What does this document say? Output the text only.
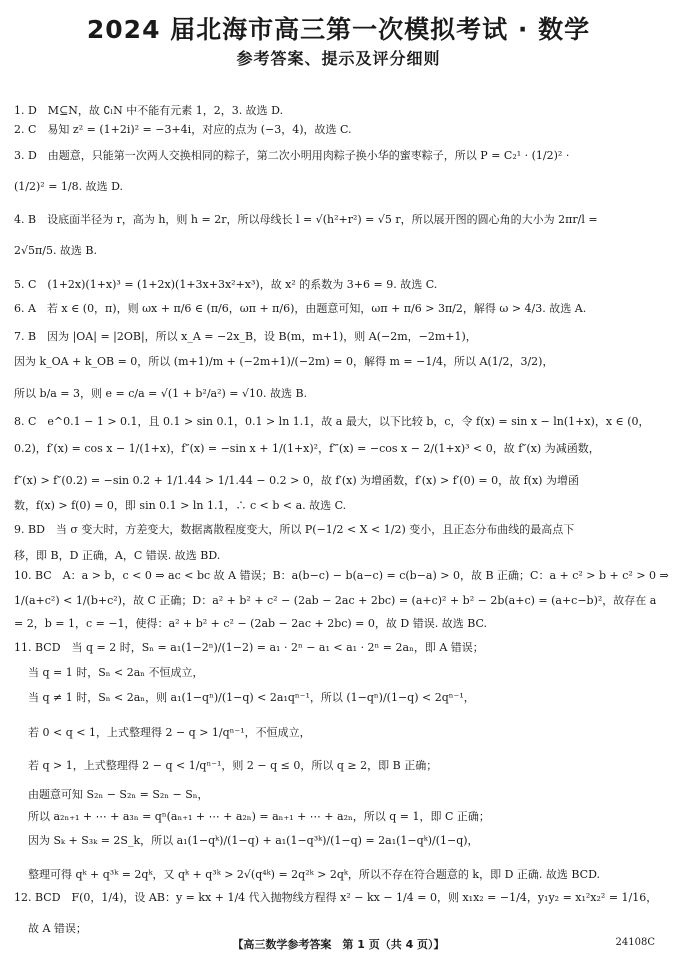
2024 届北海市高三第一次模拟考试 · 数学
参考答案、提示及评分细则
1. D　M⊆N，故 ∁ₗN 中不能有元素 1，2，3. 故选 D.
2. C　易知 z² = (1+2i)² = −3+4i，对应的点为 (−3，4)，故选 C.
3. D　由题意，只能第一次两人交换相同的粽子，第二次小明用肉粽子换小华的蜜枣粽子，所以 P = C₂¹ · (1/2)² ·
(1/2)² = 1/8. 故选 D.
4. B　设底面半径为 r，高为 h，则 h = 2r，所以母线长 l = √(h²+r²) = √5 r，所以展开图的圆心角的大小为 2πr/l =
2√5π/5. 故选 B.
5. C　(1+2x)(1+x)³ = (1+2x)(1+3x+3x²+x³)，故 x² 的系数为 3+6 = 9. 故选 C.
6. A　若 x ∈ (0，π)，则 ωx + π/6 ∈ (π/6，ωπ + π/6)，由题意可知，ωπ + π/6 > 3π/2，解得 ω > 4/3. 故选 A.
7. B　因为 |OA| = |2OB|，所以 x_A = −2x_B，设 B(m，m+1)，则 A(−2m，−2m+1)，
因为 k_OA + k_OB = 0，所以 (m+1)/m + (−2m+1)/(−2m) = 0，解得 m = −1/4，所以 A(1/2，3/2)，
所以 b/a = 3，则 e = c/a = √(1 + b²/a²) = √10. 故选 B.
8. C　e^0.1 − 1 > 0.1，且 0.1 > sin 0.1，0.1 > ln 1.1，故 a 最大，以下比较 b，c，令 f(x) = sin x − ln(1+x)，x ∈ (0，
0.2)，f′(x) = cos x − 1/(1+x)，f″(x) = −sin x + 1/(1+x)²，f‴(x) = −cos x − 2/(1+x)³ < 0，故 f″(x) 为减函数，
f″(x) > f″(0.2) = −sin 0.2 + 1/1.44 > 1/1.44 − 0.2 > 0，故 f′(x) 为增函数，f′(x) > f′(0) = 0，故 f(x) 为增函
数，f(x) > f(0) = 0，即 sin 0.1 > ln 1.1，∴ c < b < a. 故选 C.
9. BD　当 σ 变大时，方差变大，数据离散程度变大，所以 P(−1/2 < X < 1/2) 变小，且正态分布曲线的最高点下
移，即 B，D 正确，A，C 错误. 故选 BD.
10. BC　A：a > b，c < 0 ⇒ ac < bc 故 A 错误；B：a(b−c) − b(a−c) = c(b−a) > 0，故 B 正确；C：a + c² > b + c² > 0 ⇒
1/(a+c²) < 1/(b+c²)，故 C 正确；D：a² + b² + c² − (2ab − 2ac + 2bc) = (a+c)² + b² − 2b(a+c) = (a+c−b)²，故存在 a
= 2，b = 1，c = −1，使得：a² + b² + c² − (2ab − 2ac + 2bc) = 0，故 D 错误. 故选 BC.
11. BCD　当 q = 2 时，Sₙ = a₁(1−2ⁿ)/(1−2) = a₁ · 2ⁿ − a₁ < a₁ · 2ⁿ = 2aₙ，即 A 错误；
当 q = 1 时，Sₙ < 2aₙ 不恒成立，
当 q ≠ 1 时，Sₙ < 2aₙ，则 a₁(1−qⁿ)/(1−q) < 2a₁qⁿ⁻¹，所以 (1−qⁿ)/(1−q) < 2qⁿ⁻¹，
若 0 < q < 1，上式整理得 2 − q > 1/qⁿ⁻¹，不恒成立，
若 q > 1，上式整理得 2 − q < 1/qⁿ⁻¹，则 2 − q ≤ 0，所以 q ≥ 2，即 B 正确；
由题意可知 S₂ₙ − S₂ₙ = S₂ₙ − Sₙ，
所以 a₂ₙ₊₁ + ⋯ + a₃ₙ = qⁿ(aₙ₊₁ + ⋯ + a₂ₙ) = aₙ₊₁ + ⋯ + a₂ₙ，所以 q = 1，即 C 正确；
因为 Sₖ + S₃ₖ = 2S_k，所以 a₁(1−qᵏ)/(1−q) + a₁(1−q³ᵏ)/(1−q) = 2a₁(1−qᵏ)/(1−q)，
整理可得 qᵏ + q³ᵏ = 2qᵏ，又 qᵏ + q³ᵏ > 2√(q⁴ᵏ) = 2q²ᵏ > 2qᵏ，所以不存在符合题意的 k，即 D 正确. 故选 BCD.
12. BCD　F(0，1/4)，设 AB：y = kx + 1/4 代入抛物线方程得 x² − kx − 1/4 = 0，则 x₁x₂ = −1/4，y₁y₂ = x₁²x₂² = 1/16，
故 A 错误；
【高三数学参考答案　第 1 页（共 4 页）】	24108C
